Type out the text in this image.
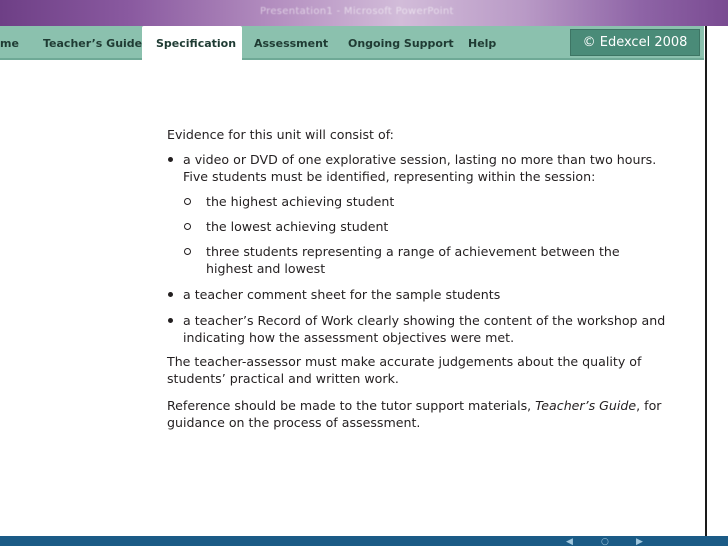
Presentation1 - Microsoft PowerPoint
me	Teacher’s Guide	Specification	Assessment Ongoing Support Help	© Edexcel 2008
Evidence for this unit will consist of:
a video or DVD of one explorative session, lasting no more than two hours. Five students must be identified, representing within the session:
the highest achieving student
the lowest achieving student
three students representing a range of achievement between the highest and lowest
a teacher comment sheet for the sample students
a teacher’s Record of Work clearly showing the content of the workshop and indicating how the assessment objectives were met.
The teacher-assessor must make accurate judgements about the quality of students’ practical and written work.
Reference should be made to the tutor support materials, Teacher’s Guide, for guidance on the process of assessment.
◀	○	▶
